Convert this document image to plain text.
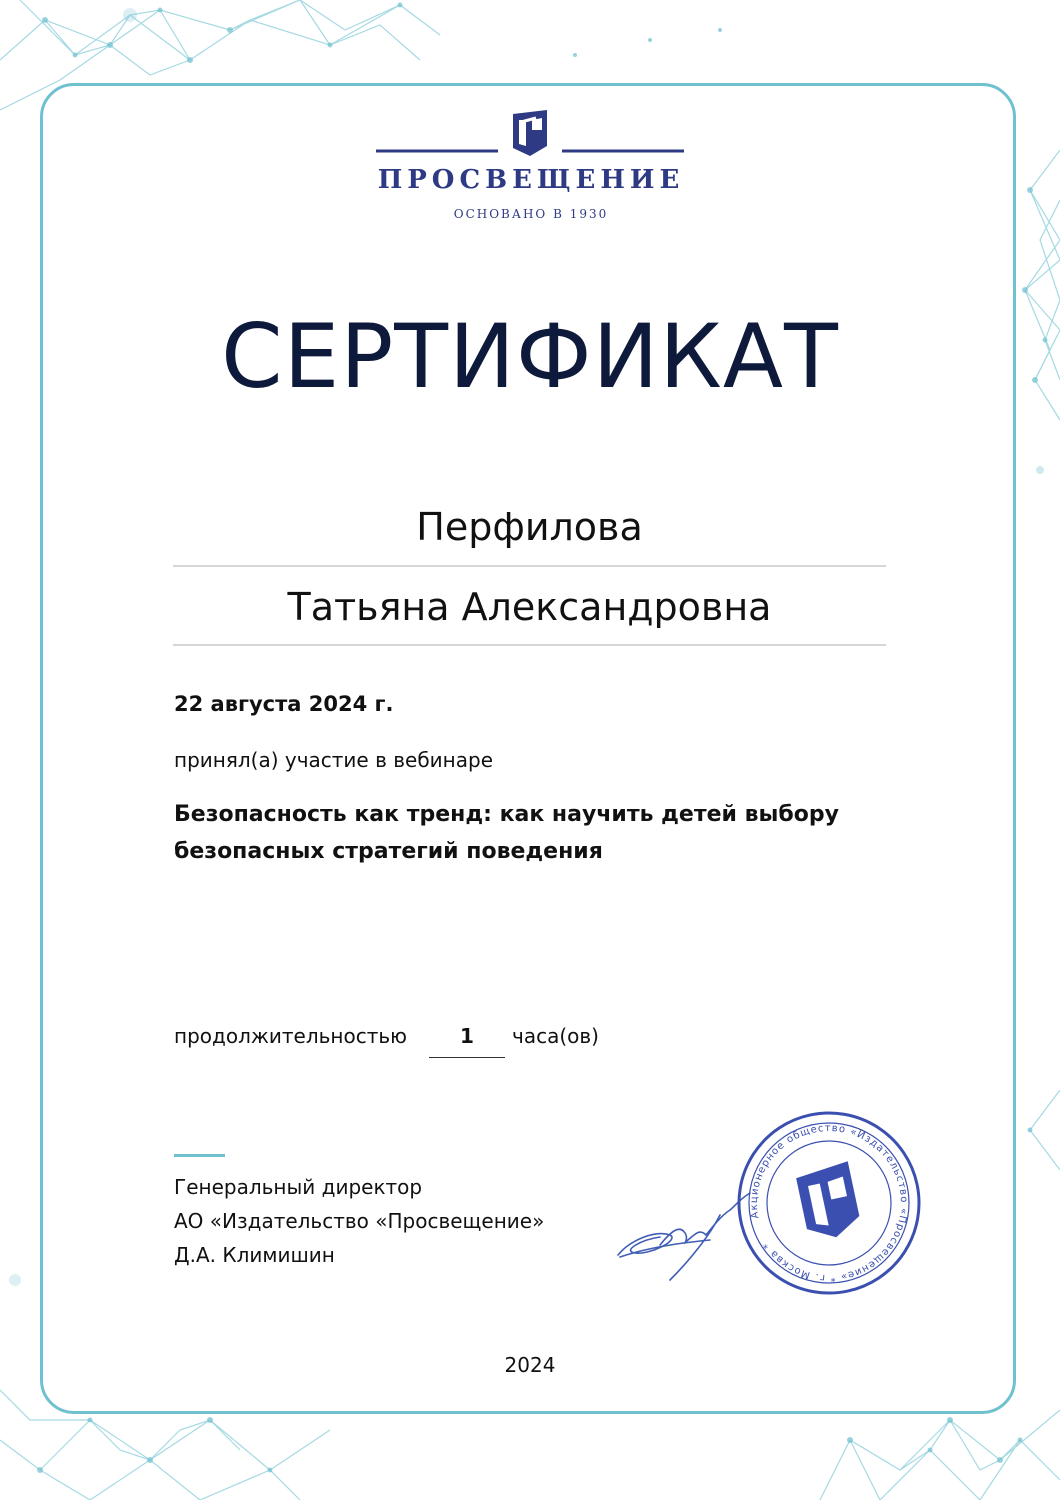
ПРОСВЕЩЕНИЕ
ОСНОВАНО В 1930
СЕРТИФИКАТ
Перфилова
Татьяна Александровна
22 августа 2024 г.
принял(а) участие в вебинаре
Безопасность как тренд: как научить детей выбору
безопасных стратегий поведения
продолжительностью	1	часа(ов)
Генеральный директор
АО «Издательство «Просвещение»
Д.А. Климишин
Акционерное общество «Издательство «Просвещение» * г. Москва *
2024
